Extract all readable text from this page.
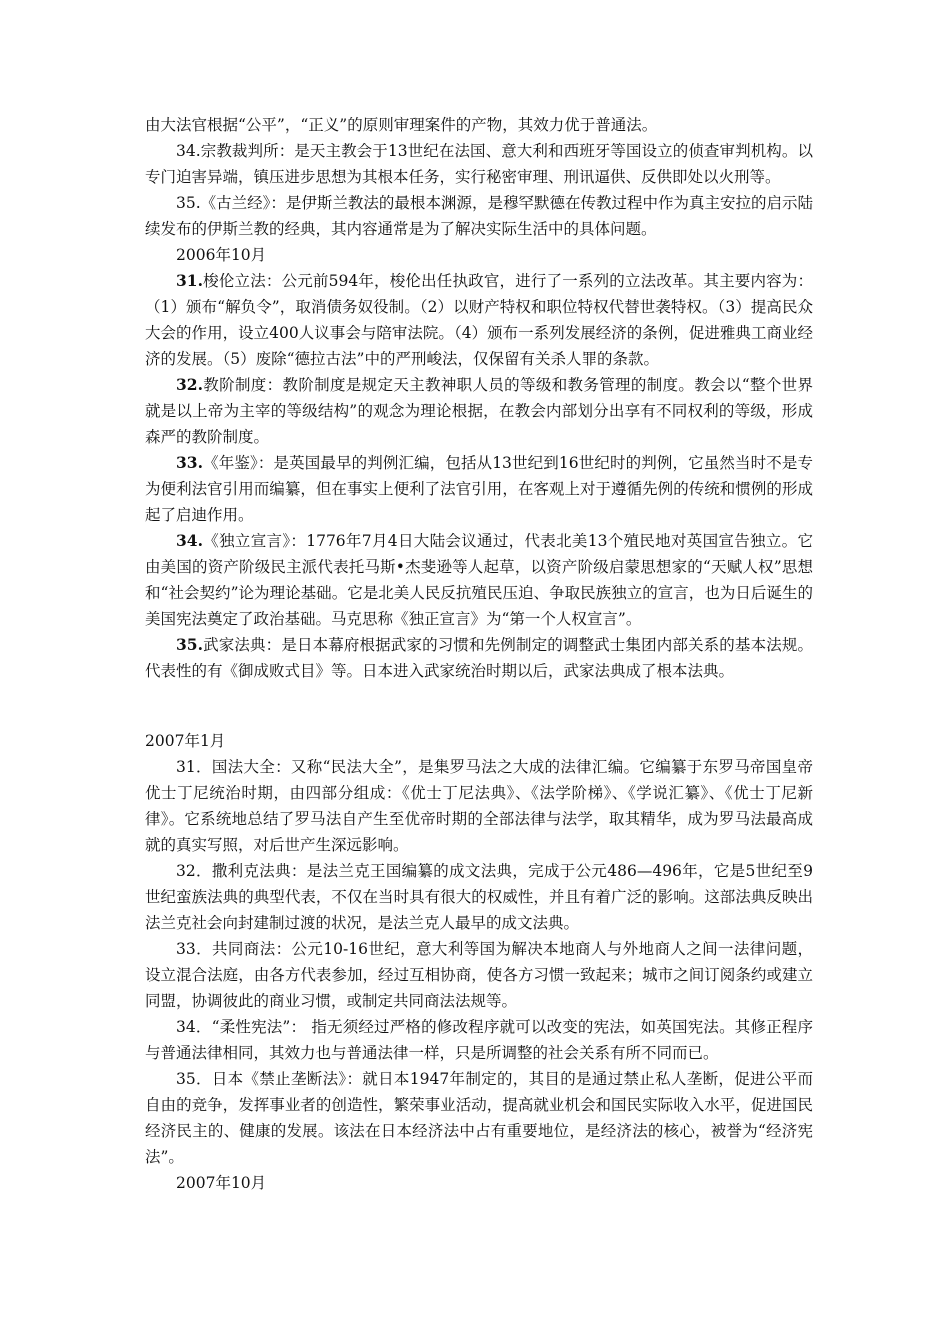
由大法官根据“公平”，“正义”的原则审理案件的产物，其效力优于普通法。

34.宗教裁判所：是天主教会于13世纪在法国、意大利和西班牙等国设立的侦查审判机构。以专门迫害异端，镇压进步思想为其根本任务，实行秘密审理、刑讯逼供、反供即处以火刑等。

35.《古兰经》：是伊斯兰教法的最根本渊源，是穆罕默德在传教过程中作为真主安拉的启示陆续发布的伊斯兰教的经典，其内容通常是为了解决实际生活中的具体问题。

2006年10月

31.梭伦立法：公元前594年，梭伦出任执政官，进行了一系列的立法改革。其主要内容为：（1）颁布“解负令”，取消债务奴役制。（2）以财产特权和职位特权代替世袭特权。（3）提高民众大会的作用，设立400人议事会与陪审法院。（4）颁布一系列发展经济的条例，促进雅典工商业经济的发展。（5）废除“德拉古法”中的严刑峻法，仅保留有关杀人罪的条款。

32.教阶制度：教阶制度是规定天主教神职人员的等级和教务管理的制度。教会以“整个世界就是以上帝为主宰的等级结构”的观念为理论根据，在教会内部划分出享有不同权利的等级，形成森严的教阶制度。

33.《年鉴》：是英国最早的判例汇编，包括从13世纪到16世纪时的判例，它虽然当时不是专为便利法官引用而编纂，但在事实上便利了法官引用，在客观上对于遵循先例的传统和惯例的形成起了启迪作用。

34.《独立宣言》：1776年7月4日大陆会议通过，代表北美13个殖民地对英国宣告独立。它由美国的资产阶级民主派代表托马斯•杰斐逊等人起草，以资产阶级启蒙思想家的“天赋人权”思想和“社会契约”论为理论基础。它是北美人民反抗殖民压迫、争取民族独立的宣言，也为日后诞生的美国宪法奠定了政治基础。马克思称《独正宣言》为“第一个人权宣言”。

35.武家法典：是日本幕府根据武家的习惯和先例制定的调整武士集团内部关系的基本法规。代表性的有《御成败式目》等。日本进入武家统治时期以后，武家法典成了根本法典。

2007年1月

31．国法大全：又称“民法大全”，是集罗马法之大成的法律汇编。它编纂于东罗马帝国皇帝优士丁尼统治时期，由四部分组成：《优士丁尼法典》、《法学阶梯》、《学说汇纂》、《优士丁尼新律》。它系统地总结了罗马法自产生至优帝时期的全部法律与法学，取其精华，成为罗马法最高成就的真实写照，对后世产生深远影响。

32．撒利克法典：是法兰克王国编纂的成文法典，完成于公元486—496年，它是5世纪至9世纪蛮族法典的典型代表，不仅在当时具有很大的权威性，并且有着广泛的影响。这部法典反映出法兰克社会向封建制过渡的状况，是法兰克人最早的成文法典。

33．共同商法：公元10-16世纪，意大利等国为解决本地商人与外地商人之间一法律问题，设立混合法庭，由各方代表参加，经过互相协商，使各方习惯一致起来；城市之间订阅条约或建立同盟，协调彼此的商业习惯，或制定共同商法法规等。

34．“柔性宪法”： 指无须经过严格的修改程序就可以改变的宪法，如英国宪法。其修正程序与普通法律相同，其效力也与普通法律一样，只是所调整的社会关系有所不同而已。

35．日本《禁止垄断法》：就日本1947年制定的，其目的是通过禁止私人垄断，促进公平而自由的竞争，发挥事业者的创造性，繁荣事业活动，提高就业机会和国民实际收入水平，促进国民经济民主的、健康的发展。该法在日本经济法中占有重要地位，是经济法的核心，被誉为“经济宪法”。

2007年10月
